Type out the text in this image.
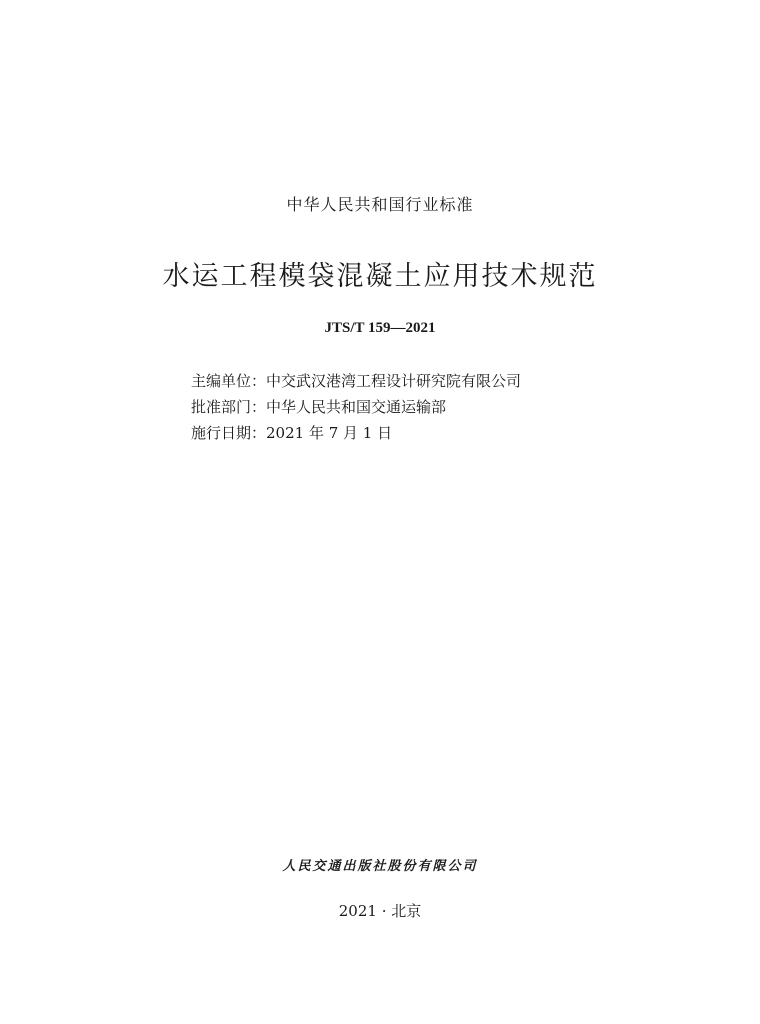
中华人民共和国行业标准
水运工程模袋混凝土应用技术规范
JTS/T 159—2021
主编单位：中交武汉港湾工程设计研究院有限公司
批准部门：中华人民共和国交通运输部
施行日期：2021 年 7 月 1 日
人民交通出版社股份有限公司
2021 · 北京
